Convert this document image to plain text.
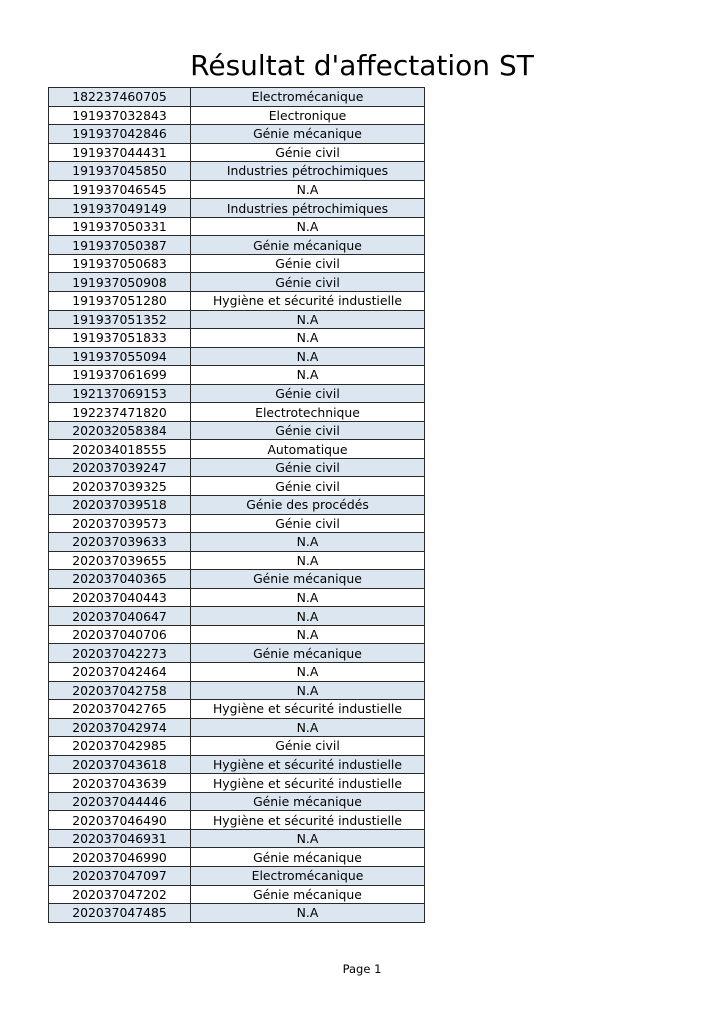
Résultat d'affectation ST
182237460705	Electromécanique
191937032843	Electronique
191937042846	Génie mécanique
191937044431	Génie civil
191937045850	Industries pétrochimiques
191937046545	N.A
191937049149	Industries pétrochimiques
191937050331	N.A
191937050387	Génie mécanique
191937050683	Génie civil
191937050908	Génie civil
191937051280	Hygiène et sécurité industielle
191937051352	N.A
191937051833	N.A
191937055094	N.A
191937061699	N.A
192137069153	Génie civil
192237471820	Electrotechnique
202032058384	Génie civil
202034018555	Automatique
202037039247	Génie civil
202037039325	Génie civil
202037039518	Génie des procédés
202037039573	Génie civil
202037039633	N.A
202037039655	N.A
202037040365	Génie mécanique
202037040443	N.A
202037040647	N.A
202037040706	N.A
202037042273	Génie mécanique
202037042464	N.A
202037042758	N.A
202037042765	Hygiène et sécurité industielle
202037042974	N.A
202037042985	Génie civil
202037043618	Hygiène et sécurité industielle
202037043639	Hygiène et sécurité industielle
202037044446	Génie mécanique
202037046490	Hygiène et sécurité industielle
202037046931	N.A
202037046990	Génie mécanique
202037047097	Electromécanique
202037047202	Génie mécanique
202037047485	N.A
Page 1
